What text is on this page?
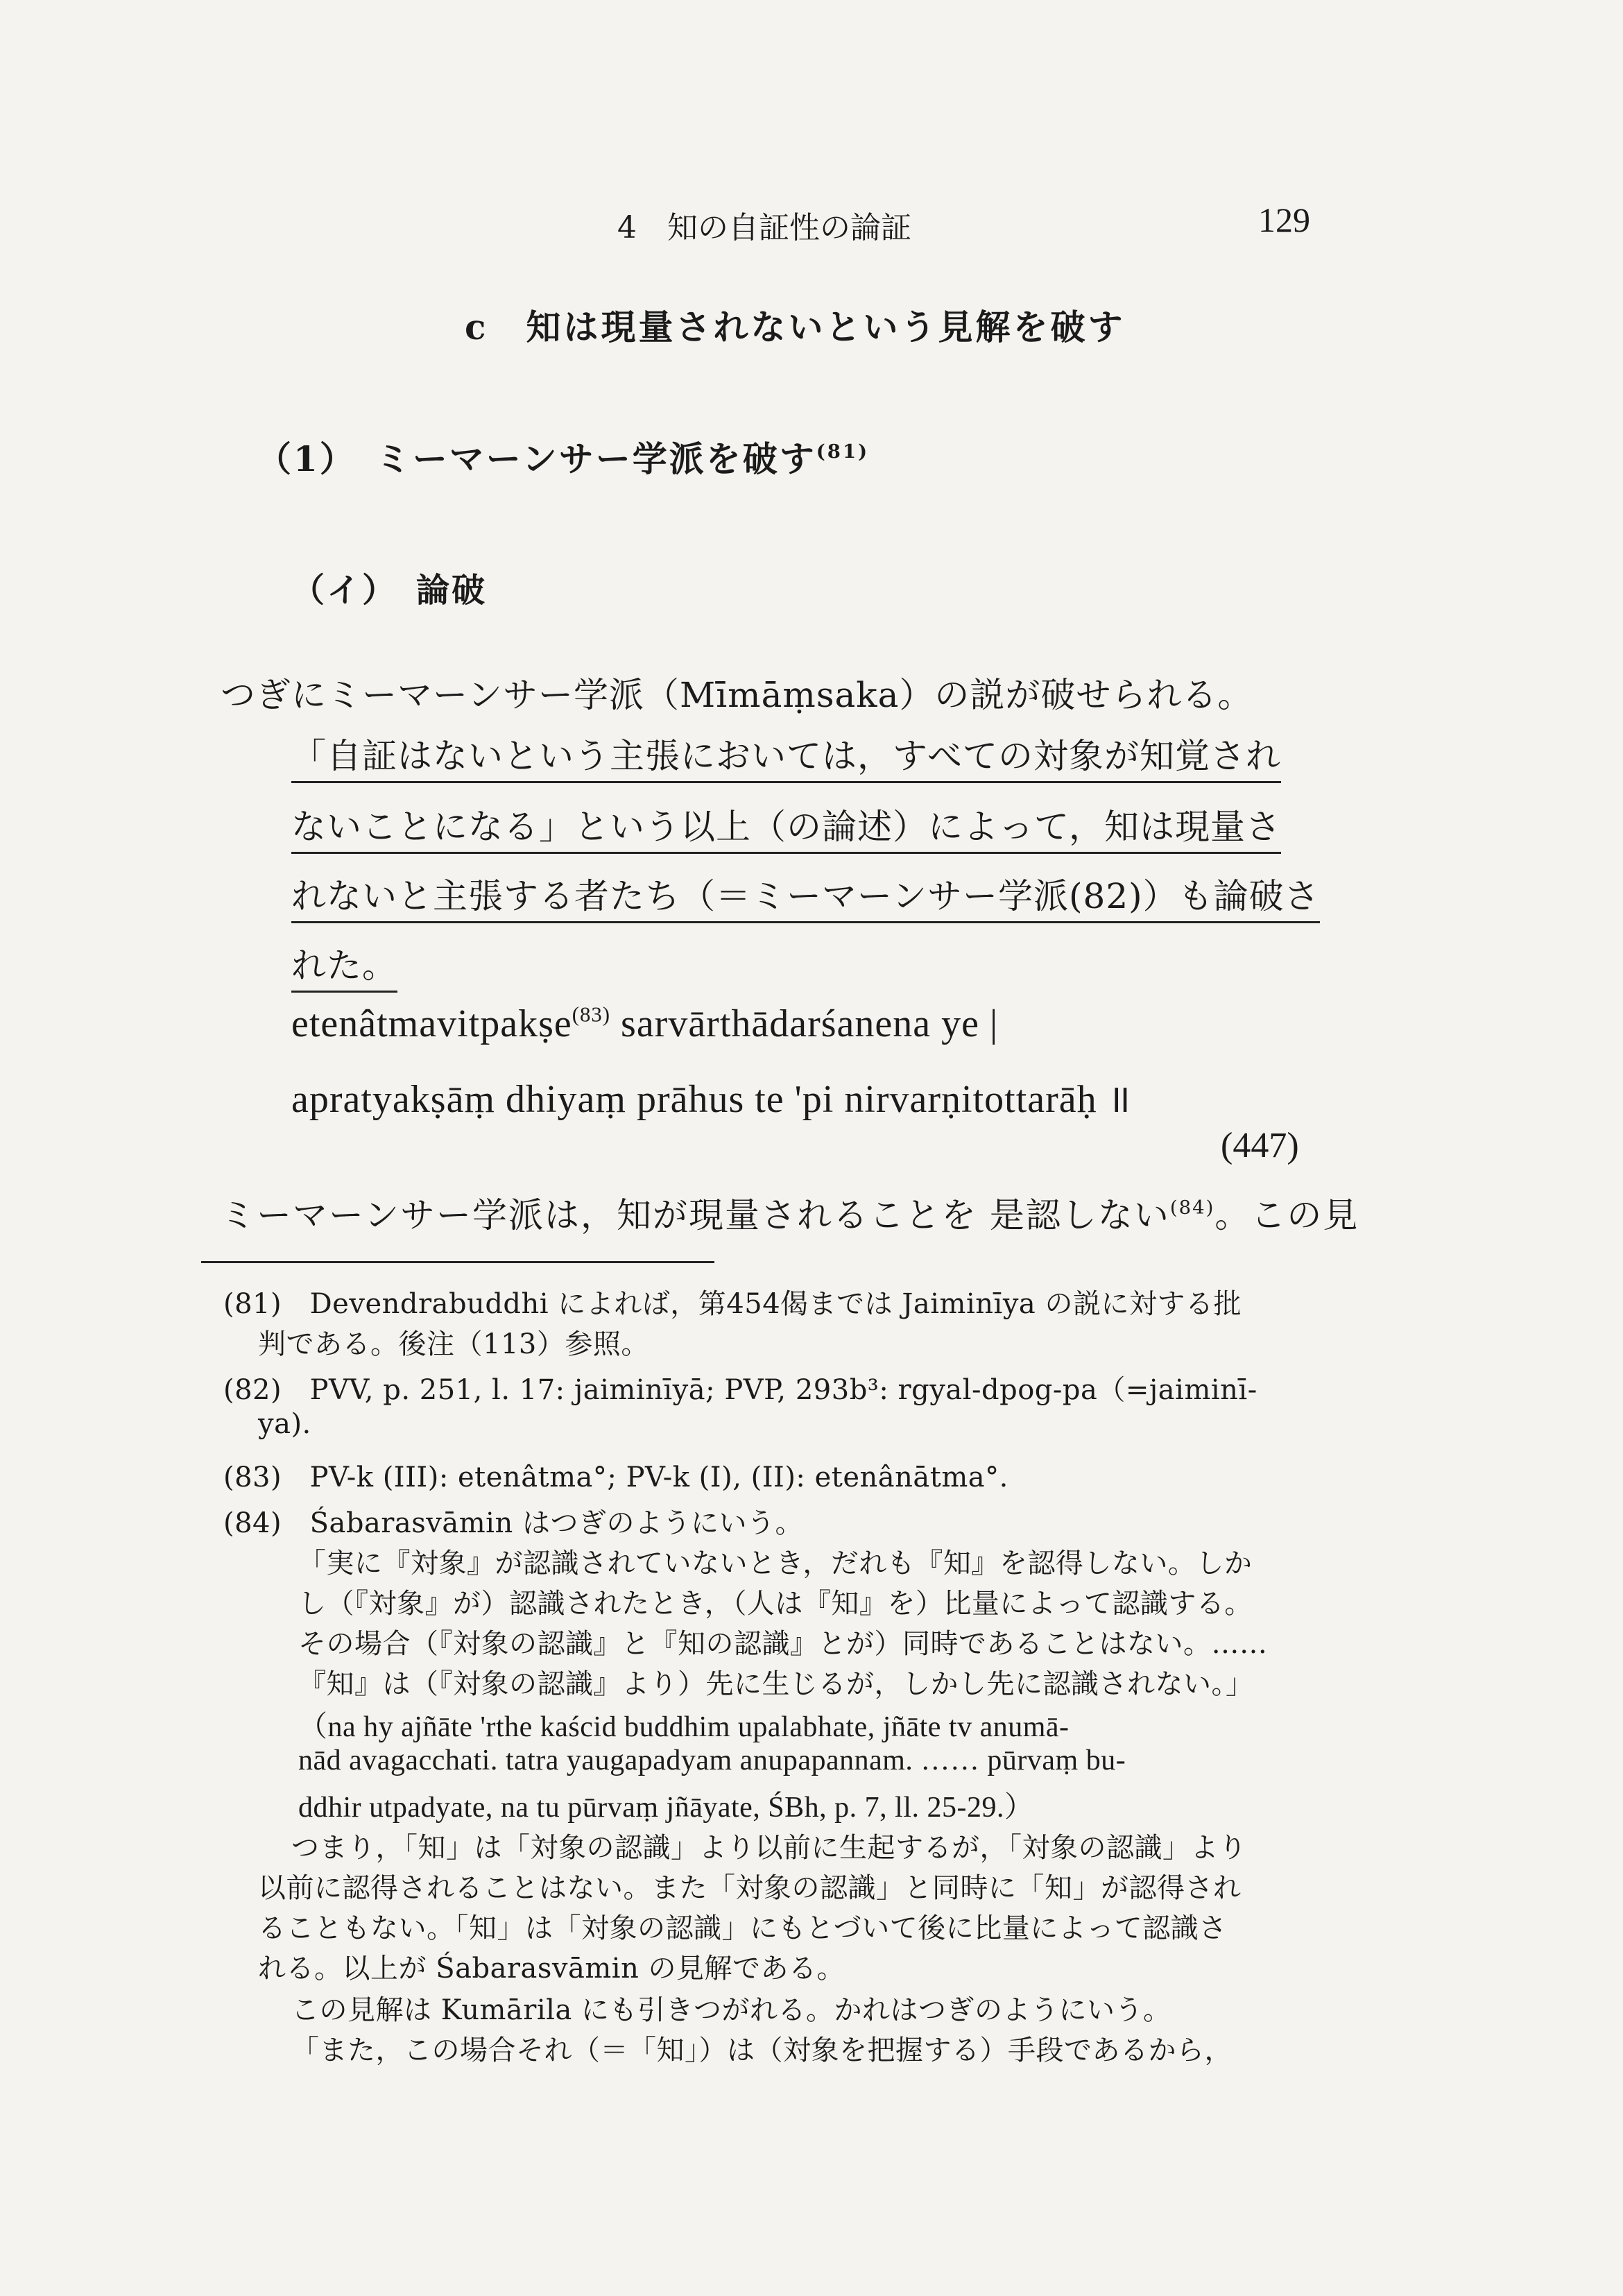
4　知の自証性の論証	129
c　知は現量されないという見解を破す
（1）　ミーマーンサー学派を破す$^{(81)}$
（イ）　論破
つぎにミーマーンサー学派（Mīmāṃsaka）の説が破せられる。
「自証はないという主張においては，すべての対象が知覚され
ないことになる」という以上（の論述）によって，知は現量さ
れないと主張する者たち（＝ミーマーンサー学派(82)）も論破さ
れた。
etenâtmavitpakṣe$^{(83)}$ sarvārthādarśanena ye |
apratyakṣāṃ dhiyaṃ prāhus te 'pi nirvarṇitottarāḥ ॥
(447)
ミーマーンサー学派は，知が現量されることを 是認しない$^{(84)}$。この見
(81)　Devendrabuddhi によれば，第454偈までは Jaiminīya の説に対する批
判である。後注（113）参照。
(82)　PVV, p. 251, l. 17: jaiminīyā; PVP, 293b³: rgyal-dpog-pa（=jaiminī-
ya).
(83)　PV-k (III): etenâtma°; PV-k (I), (II): etenânātma°.
(84)　Śabarasvāmin はつぎのようにいう。
「実に『対象』が認識されていないとき，だれも『知』を認得しない。しか
し（『対象』が）認識されたとき，（人は『知』を）比量によって認識する。
その場合（『対象の認識』と『知の認識』とが）同時であることはない。……
『知』は（『対象の認識』より）先に生じるが，しかし先に認識されない。」
（na hy ajñāte 'rthe kaścid buddhim upalabhate, jñāte tv anumā-
nād avagacchati. tatra yaugapadyam anupapannam. …… pūrvaṃ bu-
ddhir utpadyate, na tu pūrvaṃ jñāyate, ŚBh, p. 7, ll. 25-29.）
つまり，「知」は「対象の認識」より以前に生起するが，「対象の認識」より
以前に認得されることはない。また「対象の認識」と同時に「知」が認得され
ることもない。「知」は「対象の認識」にもとづいて後に比量によって認識さ
れる。以上が Śabarasvāmin の見解である。
この見解は Kumārila にも引きつがれる。かれはつぎのようにいう。
「また，この場合それ（＝「知」）は（対象を把握する）手段であるから，
